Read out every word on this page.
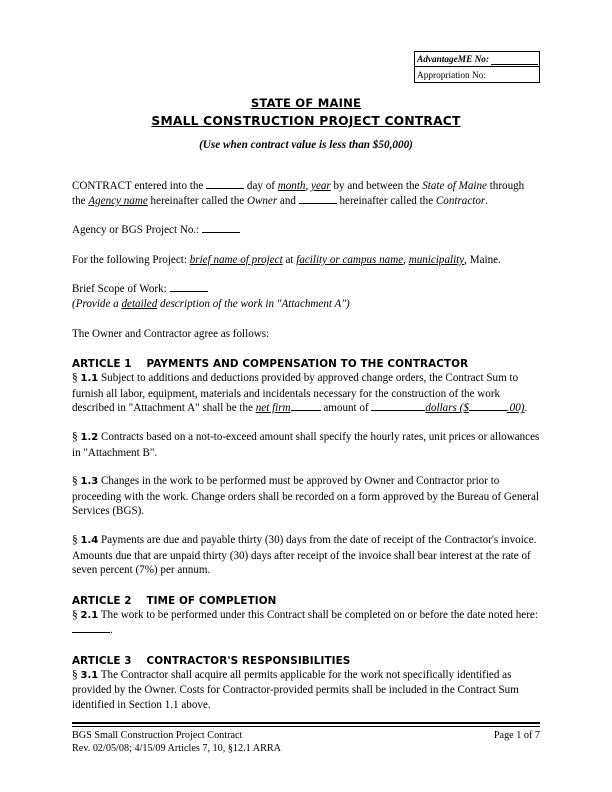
AdvantageME No:
Appropriation No:
STATE OF MAINE
SMALL CONSTRUCTION PROJECT CONTRACT
(Use when contract value is less than $50,000)

CONTRACT entered into the	day of month, year by and between the State of Maine through the Agency name hereinafter called the Owner and	hereinafter called the Contractor.

Agency or BGS Project No.:

For the following Project: brief name of project at facility or campus name, municipality, Maine.

Brief Scope of Work:

(Provide a detailed description of the work in "Attachment A")

The Owner and Contractor agree as follows:

ARTICLE 1    PAYMENTS AND COMPENSATION TO THE CONTRACTOR

§ 1.1 Subject to additions and deductions provided by approved change orders, the Contract Sum to furnish all labor, equipment, materials and incidentals necessary for the construction of the work described in "Attachment A" shall be the net firm	amount of	dollars ($	.00).

§ 1.2 Contracts based on a not-to-exceed amount shall specify the hourly rates, unit prices or allowances in "Attachment B".

§ 1.3 Changes in the work to be performed must be approved by Owner and Contractor prior to proceeding with the work. Change orders shall be recorded on a form approved by the Bureau of General Services (BGS).

§ 1.4 Payments are due and payable thirty (30) days from the date of receipt of the Contractor's invoice. Amounts due that are unpaid thirty (30) days after receipt of the invoice shall bear interest at the rate of seven percent (7%) per annum.

ARTICLE 2    TIME OF COMPLETION

§ 2.1 The work to be performed under this Contract shall be completed on or before the date noted here: .

ARTICLE 3    CONTRACTOR'S RESPONSIBILITIES

§ 3.1 The Contractor shall acquire all permits applicable for the work not specifically identified as provided by the Owner. Costs for Contractor-provided permits shall be included in the Contract Sum identified in Section 1.1 above.

BGS Small Construction Project Contract
Rev. 02/05/08; 4/15/09 Articles 7, 10, §12.1 ARRA
Page 1 of 7
